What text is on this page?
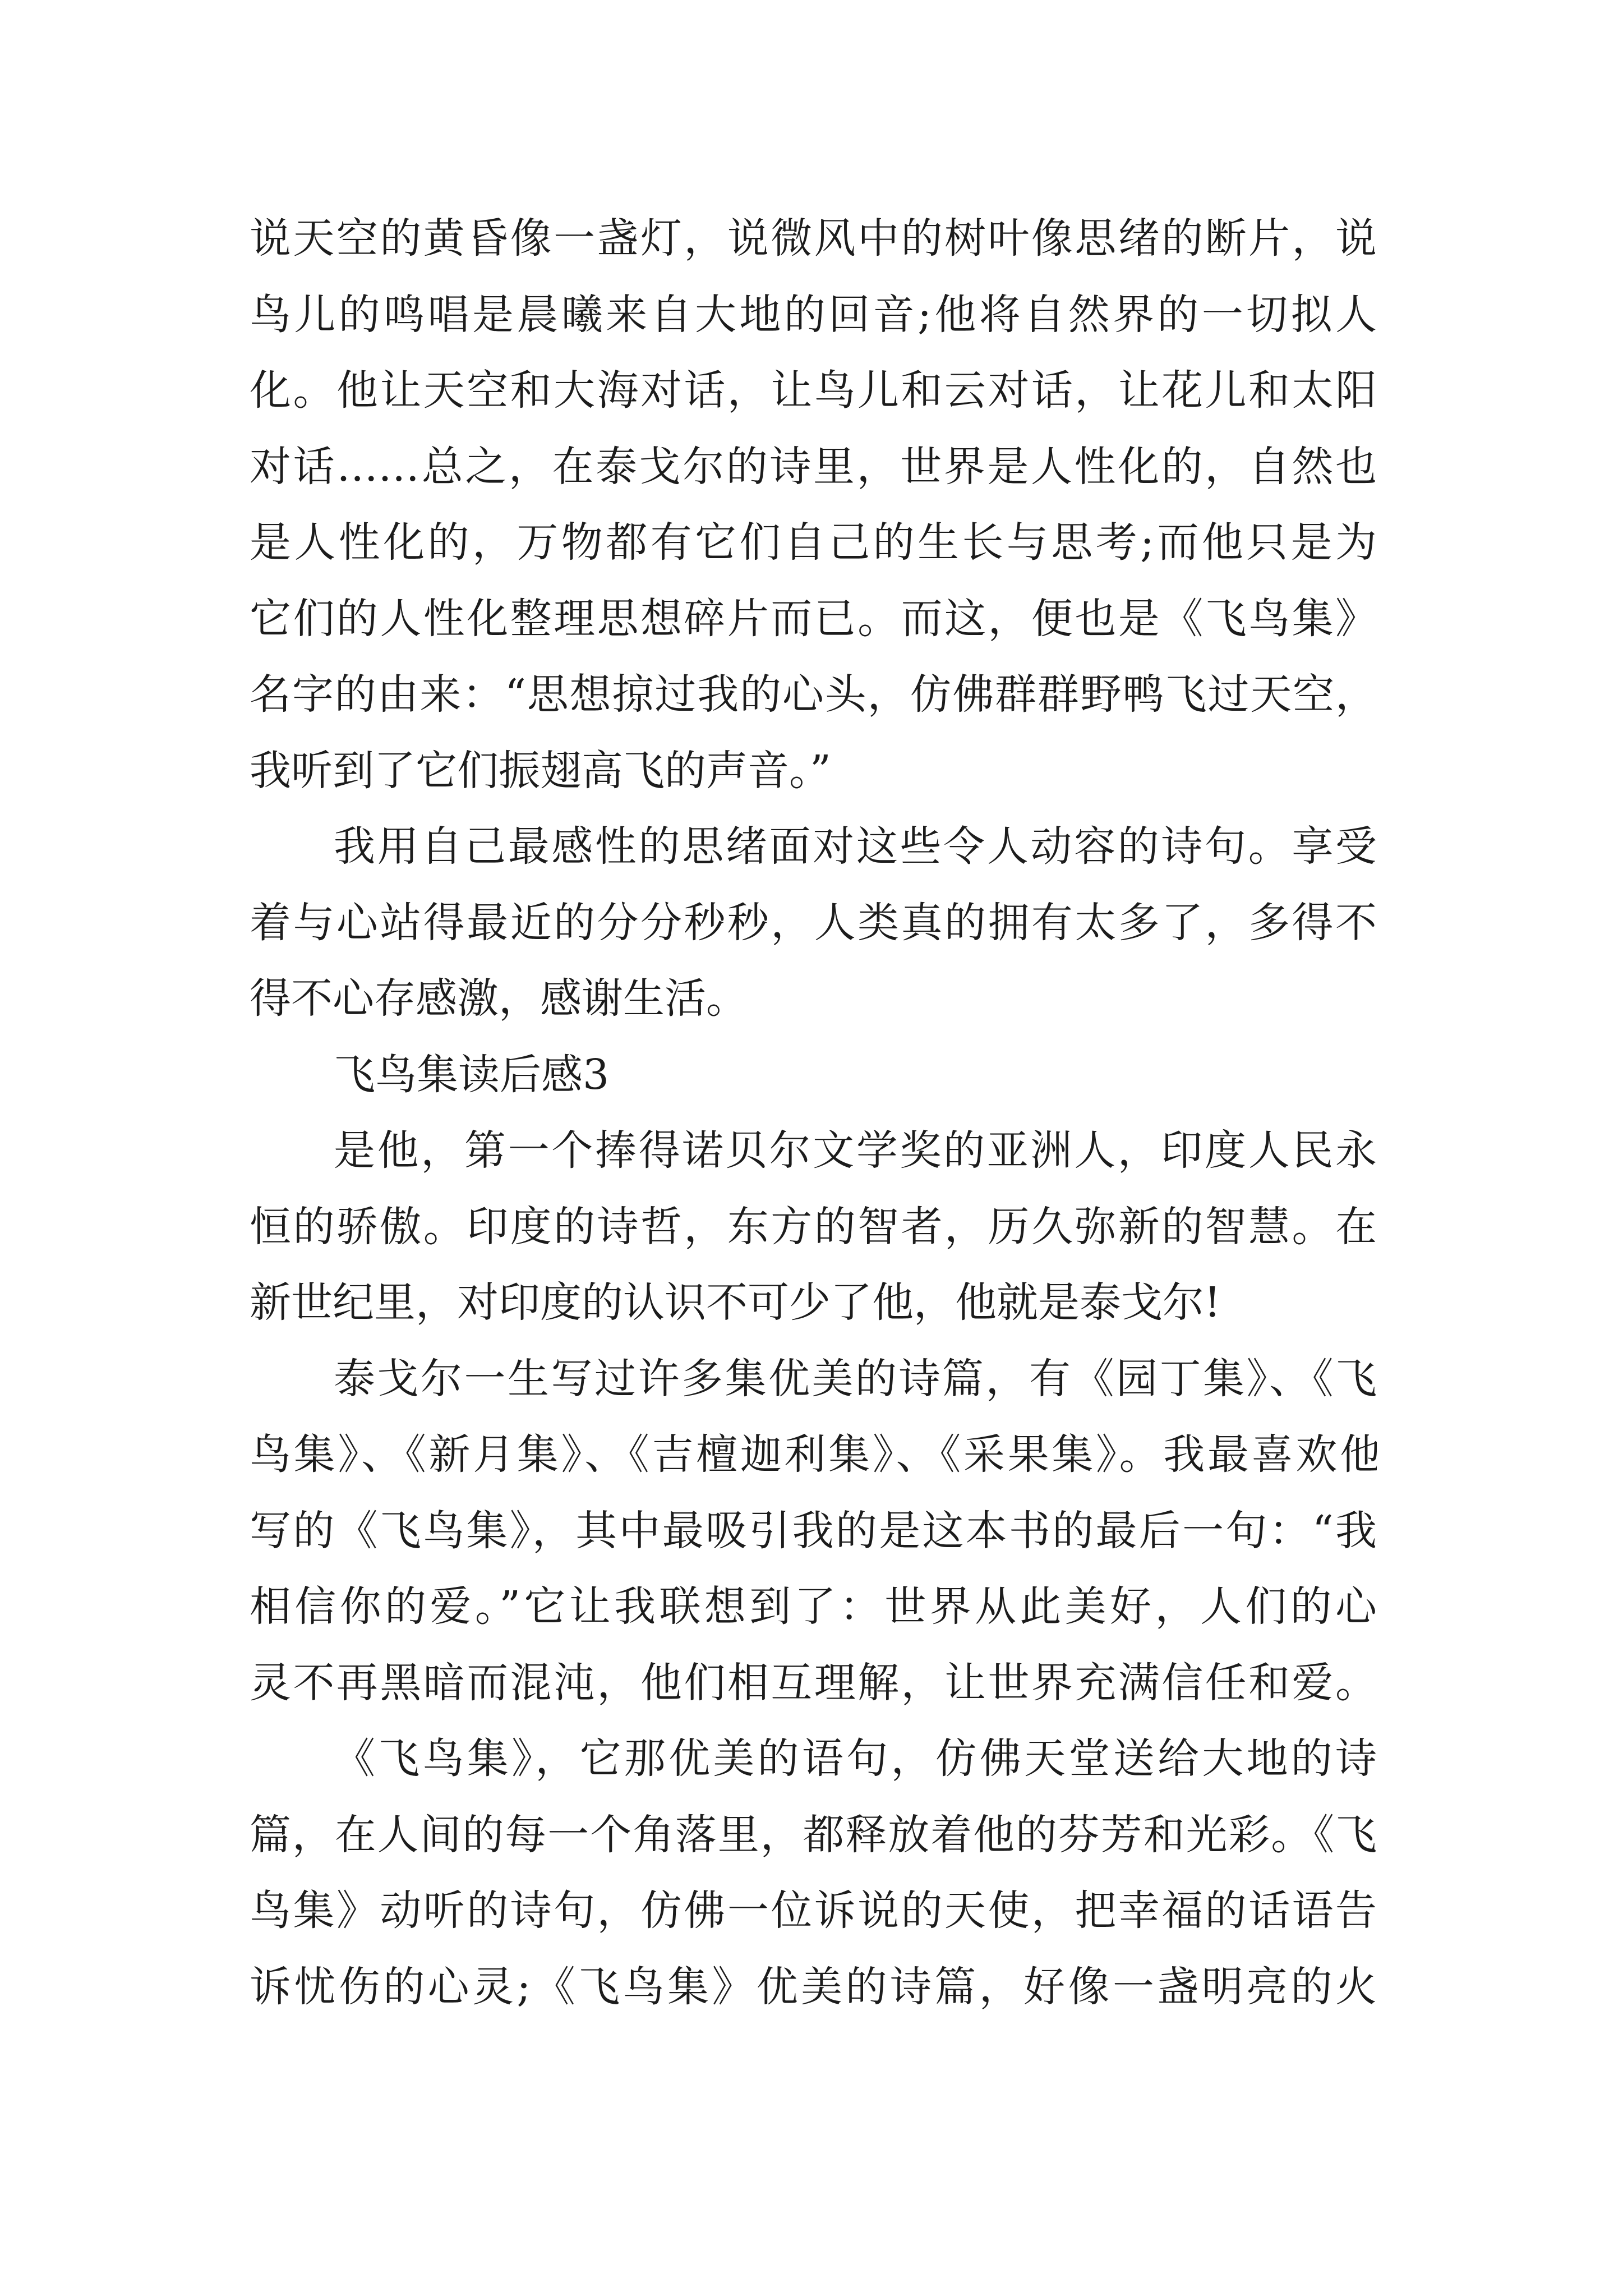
说天空的黄昏像一盏灯，说微风中的树叶像思绪的断片，说
鸟儿的鸣唱是晨曦来自大地的回音;他将自然界的一切拟人
化。他让天空和大海对话，让鸟儿和云对话，让花儿和太阳
对话……总之，在泰戈尔的诗里，世界是人性化的，自然也
是人性化的，万物都有它们自己的生长与思考;而他只是为
它们的人性化整理思想碎片而已。而这，便也是《飞鸟集》
名字的由来：“思想掠过我的心头，仿佛群群野鸭飞过天空，
我听到了它们振翅高飞的声音。”
我用自己最感性的思绪面对这些令人动容的诗句。享受
着与心站得最近的分分秒秒，人类真的拥有太多了，多得不
得不心存感激，感谢生活。
飞鸟集读后感3
是他，第一个捧得诺贝尔文学奖的亚洲人，印度人民永
恒的骄傲。印度的诗哲，东方的智者，历久弥新的智慧。在
新世纪里，对印度的认识不可少了他，他就是泰戈尔!
泰戈尔一生写过许多集优美的诗篇，有《园丁集》、《飞
鸟集》、《新月集》、《吉檀迦利集》、《采果集》。我最喜欢他
写的《飞鸟集》，其中最吸引我的是这本书的最后一句：“我
相信你的爱。”它让我联想到了：世界从此美好，人们的心
灵不再黑暗而混沌，他们相互理解，让世界充满信任和爱。
《飞鸟集》，它那优美的语句，仿佛天堂送给大地的诗
篇，在人间的每一个角落里，都释放着他的芬芳和光彩。《飞
鸟集》动听的诗句，仿佛一位诉说的天使，把幸福的话语告
诉忧伤的心灵;《飞鸟集》优美的诗篇，好像一盏明亮的火
